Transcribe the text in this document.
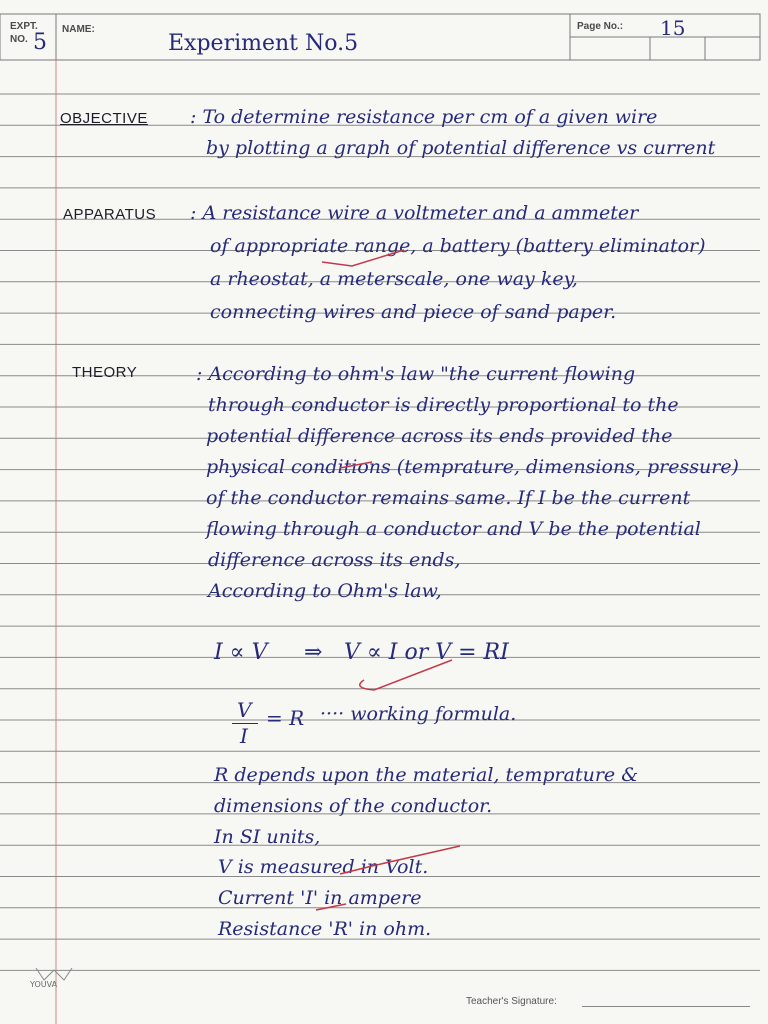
EXPT.
NO. 5
NAME:
Experiment No.5
Page No.: 15
OBJECTIVE : To determine resistance per cm of a given wire
by plotting a graph of potential difference vs current
APPARATUS : A resistance wire a voltmeter and a ammeter
of appropriate range, a battery (battery eliminator)
a rheostat, a meterscale, one way key,
connecting wires and piece of sand paper.
THEORY	: According to ohm's law "the current flowing
through conductor is directly proportional to the
potential difference across its ends provided the
physical conditions (temprature, dimensions, pressure)
of the conductor remains same. If I be the current
flowing through a conductor and V be the potential
difference across its ends,
According to Ohm's law,
I ∝ V ⇒ V ∝ I or V = RI
V
I
= R ···· working formula.
R depends upon the material, temprature &
dimensions of the conductor.
In SI units,
V is measured in Volt.
Current 'I' in ampere
Resistance 'R' in ohm.
YOUVA
Teacher's Signature:
